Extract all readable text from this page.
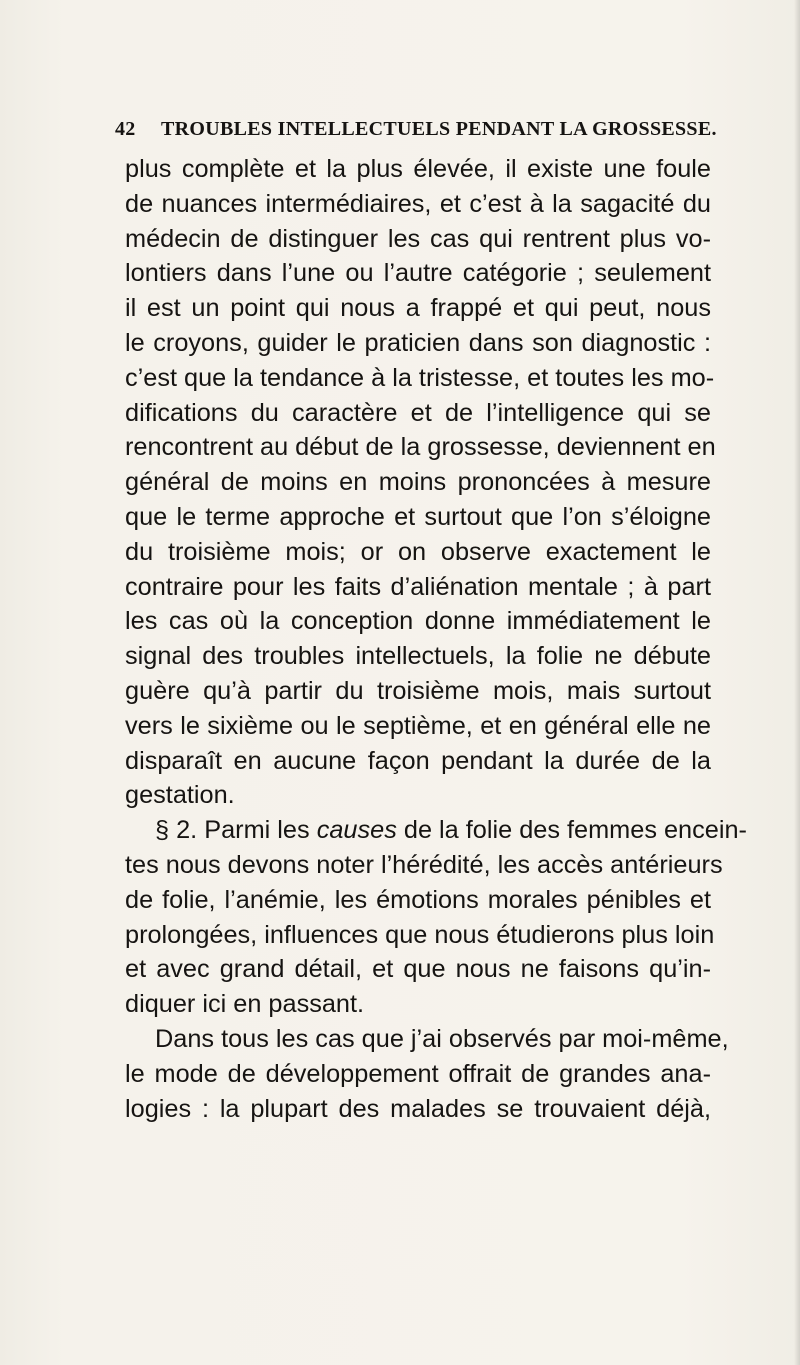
42 TROUBLES INTELLECTUELS PENDANT LA GROSSESSE.
plus complète et la plus élevée, il existe une foule
de nuances intermédiaires, et c’est à la sagacité du
médecin de distinguer les cas qui rentrent plus vo-
lontiers dans l’une ou l’autre catégorie ; seulement
il est un point qui nous a frappé et qui peut, nous
le croyons, guider le praticien dans son diagnostic :
c’est que la tendance à la tristesse, et toutes les mo-
difications du caractère et de l’intelligence qui se
rencontrent au début de la grossesse, deviennent en
général de moins en moins prononcées à mesure
que le terme approche et surtout que l’on s’éloigne
du troisième mois; or on observe exactement le
contraire pour les faits d’aliénation mentale ; à part
les cas où la conception donne immédiatement le
signal des troubles intellectuels, la folie ne débute
guère qu’à partir du troisième mois, mais surtout
vers le sixième ou le septième, et en général elle ne
disparaît en aucune façon pendant la durée de la
gestation.
§ 2. Parmi les causes de la folie des femmes encein-
tes nous devons noter l’hérédité, les accès antérieurs
de folie, l’anémie, les émotions morales pénibles et
prolongées, influences que nous étudierons plus loin
et avec grand détail, et que nous ne faisons qu’in-
diquer ici en passant.
Dans tous les cas que j’ai observés par moi-même,
le mode de développement offrait de grandes ana-
logies : la plupart des malades se trouvaient déjà,
